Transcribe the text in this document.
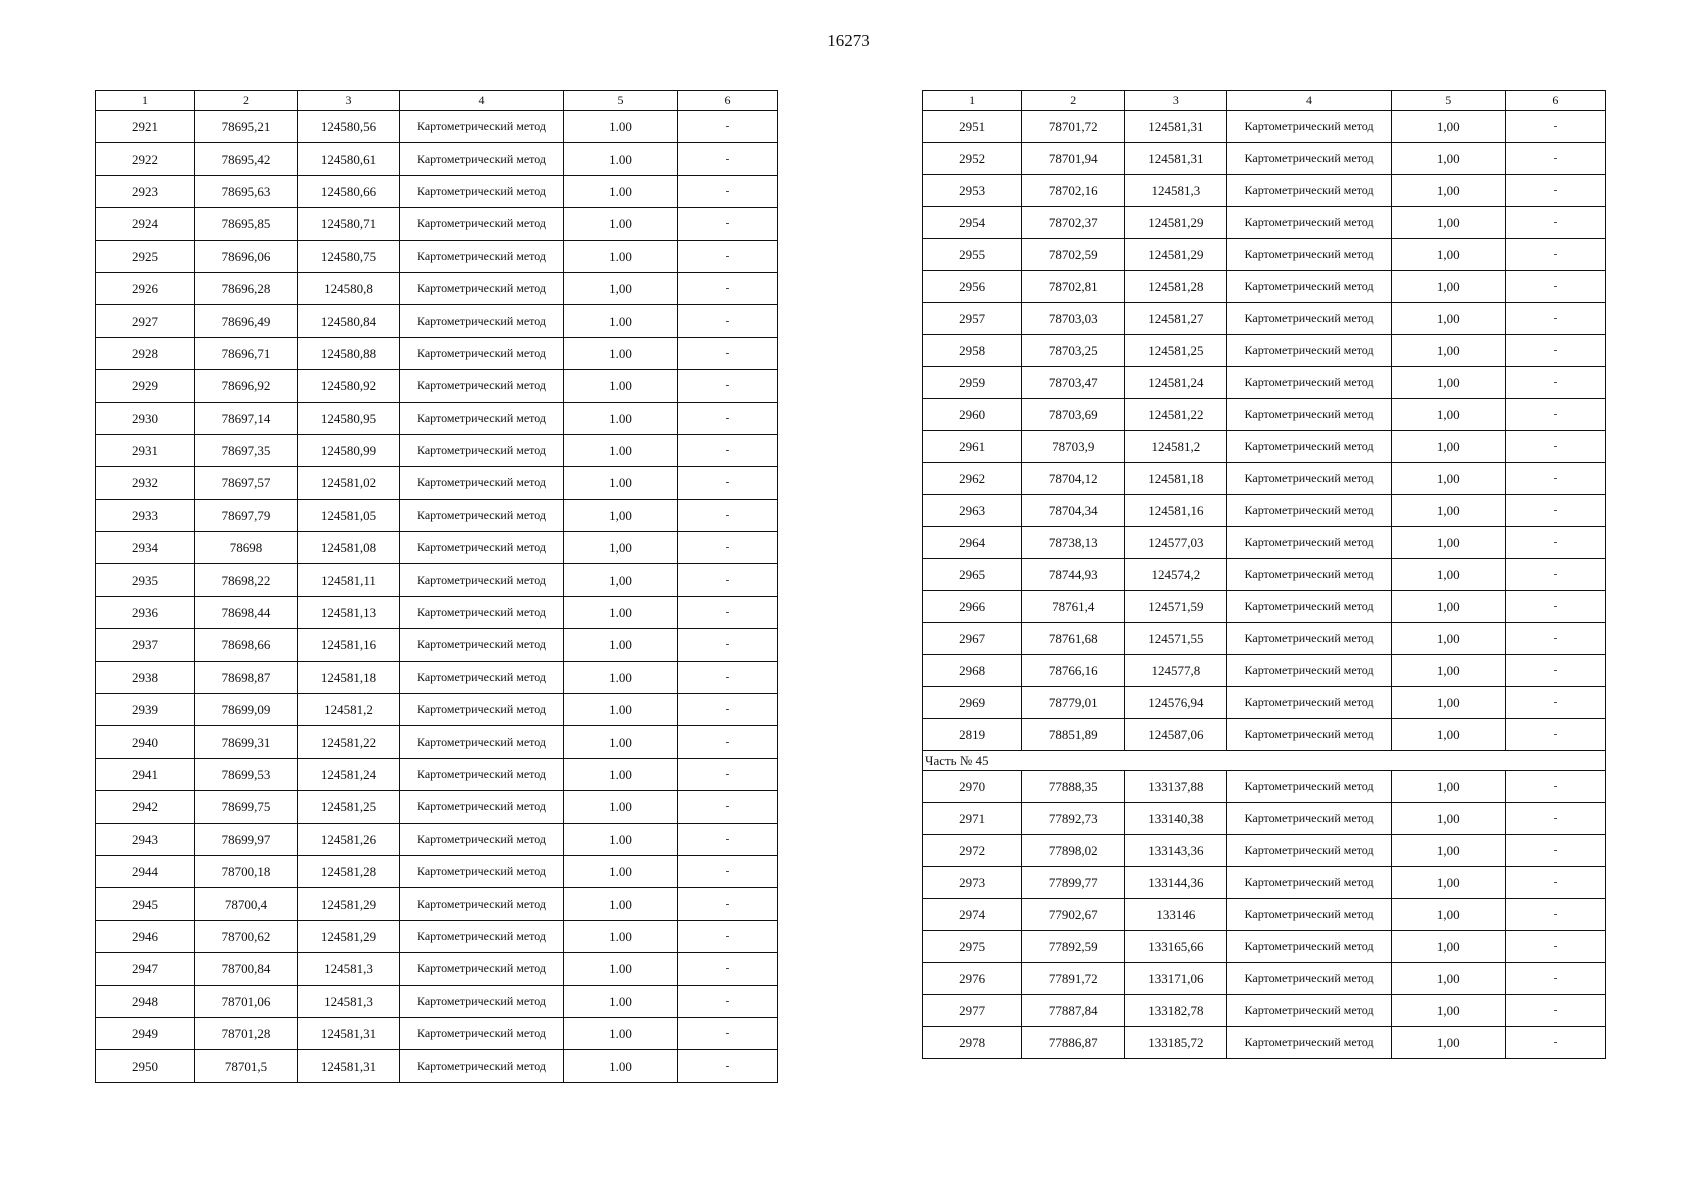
16273
1	2	3	4	5	6
2921	78695,21	124580,56	Картометрический метод	1.00	-
2922	78695,42	124580,61	Картометрический метод	1.00	-
2923	78695,63	124580,66	Картометрический метод	1.00	-
2924	78695,85	124580,71	Картометрический метод	1.00	-
2925	78696,06	124580,75	Картометрический метод	1.00	-
2926	78696,28	124580,8	Картометрический метод	1,00	-
2927	78696,49	124580,84	Картометрический метод	1.00	-
2928	78696,71	124580,88	Картометрический метод	1.00	-
2929	78696,92	124580,92	Картометрический метод	1.00	-
2930	78697,14	124580,95	Картометрический метод	1.00	-
2931	78697,35	124580,99	Картометрический метод	1.00	-
2932	78697,57	124581,02	Картометрический метод	1.00	-
2933	78697,79	124581,05	Картометрический метод	1,00	-
2934	78698	124581,08	Картометрический метод	1,00	-
2935	78698,22	124581,11	Картометрический метод	1,00	-
2936	78698,44	124581,13	Картометрический метод	1.00	-
2937	78698,66	124581,16	Картометрический метод	1.00	-
2938	78698,87	124581,18	Картометрический метод	1.00	-
2939	78699,09	124581,2	Картометрический метод	1.00	-
2940	78699,31	124581,22	Картометрический метод	1.00	-
2941	78699,53	124581,24	Картометрический метод	1.00	-
2942	78699,75	124581,25	Картометрический метод	1.00	-
2943	78699,97	124581,26	Картометрический метод	1.00	-
2944	78700,18	124581,28	Картометрический метод	1.00	-
2945	78700,4	124581,29	Картометрический метод	1.00	-
2946	78700,62	124581,29	Картометрический метод	1.00	-
2947	78700,84	124581,3	Картометрический метод	1.00	-
2948	78701,06	124581,3	Картометрический метод	1.00	-
2949	78701,28	124581,31	Картометрический метод	1.00	-
2950	78701,5	124581,31	Картометрический метод	1.00	-
1	2	3	4	5	6
2951	78701,72	124581,31	Картометрический метод	1,00	-
2952	78701,94	124581,31	Картометрический метод	1,00	-
2953	78702,16	124581,3	Картометрический метод	1,00	-
2954	78702,37	124581,29	Картометрический метод	1,00	-
2955	78702,59	124581,29	Картометрический метод	1,00	-
2956	78702,81	124581,28	Картометрический метод	1,00	-
2957	78703,03	124581,27	Картометрический метод	1,00	-
2958	78703,25	124581,25	Картометрический метод	1,00	-
2959	78703,47	124581,24	Картометрический метод	1,00	-
2960	78703,69	124581,22	Картометрический метод	1,00	-
2961	78703,9	124581,2	Картометрический метод	1,00	-
2962	78704,12	124581,18	Картометрический метод	1,00	-
2963	78704,34	124581,16	Картометрический метод	1,00	-
2964	78738,13	124577,03	Картометрический метод	1,00	-
2965	78744,93	124574,2	Картометрический метод	1,00	-
2966	78761,4	124571,59	Картометрический метод	1,00	-
2967	78761,68	124571,55	Картометрический метод	1,00	-
2968	78766,16	124577,8	Картометрический метод	1,00	-
2969	78779,01	124576,94	Картометрический метод	1,00	-
2819	78851,89	124587,06	Картометрический метод	1,00	-
Часть № 45					
2970	77888,35	133137,88	Картометрический метод	1,00	-
2971	77892,73	133140,38	Картометрический метод	1,00	-
2972	77898,02	133143,36	Картометрический метод	1,00	-
2973	77899,77	133144,36	Картометрический метод	1,00	-
2974	77902,67	133146	Картометрический метод	1,00	-
2975	77892,59	133165,66	Картометрический метод	1,00	-
2976	77891,72	133171,06	Картометрический метод	1,00	-
2977	77887,84	133182,78	Картометрический метод	1,00	-
2978	77886,87	133185,72	Картометрический метод	1,00	-
